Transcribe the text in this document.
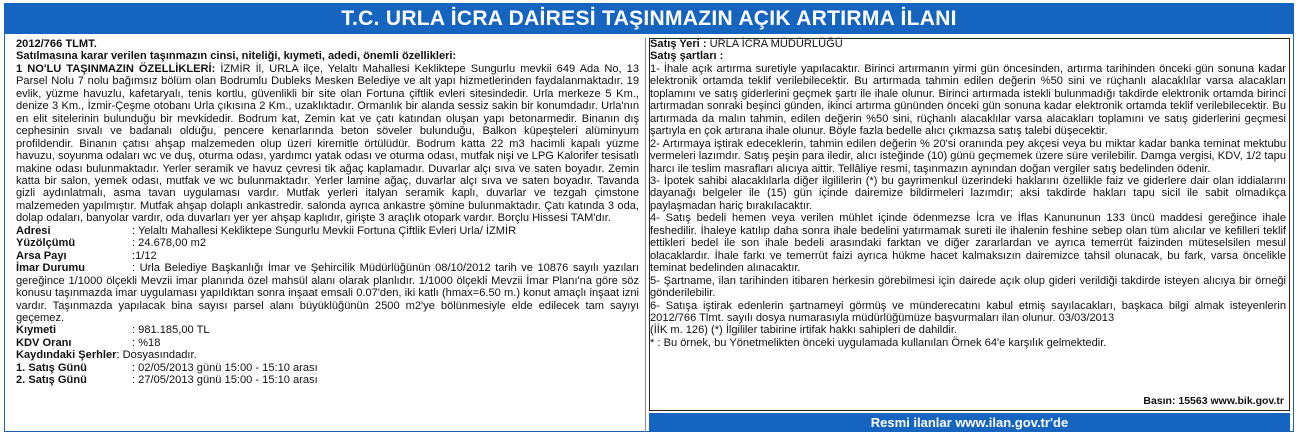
T.C. URLA İCRA DAİRESİ TAŞINMAZIN AÇIK ARTIRMA İLANI

2012/766 TLMT.

Satılmasına karar verilen taşınmazın cinsi, niteliği, kıymeti, adedi, önemli özellikleri:

1 NO'LU TAŞINMAZIN ÖZELLİKLERİ: İZMİR İl, URLA ilçe, Yelaltı Mahallesi Keklіktepe Sungurlu mevkii 649 Ada No, 13 Parsel Nolu 7 nolu bağımsız bölüm olan Bodrumlu Dubleks Mesken Belediye ve alt yapı hizmetlerinden faydalanmaktadır. 19 evlik, yüzme havuzlu, kafetaryalı, tenis kortlu, güvenlikli bir site olan Fortuna çiftlik evleri sitesindedir. Urla merkeze 5 Km., denize 3 Km., İzmir-Çeşme otobanı Urla çıkısına 2 Km., uzaklıktadır. Ormanlık bir alanda sessiz sakin bir konumdadır. Urla'nın en elit sitelerinin bulunduğu bir mevkidedir. Bodrum kat, Zemin kat ve çatı katından oluşan yapı betonarmedir. Binanın dış cephesinin sıvalı ve badanalı olduğu, pencere kenarlarında beton söveler bulunduğu, Balkon küpeşteleri alüminyum profildendir. Binanın çatısı ahşap malzemeden olup üzeri kiremitle örtülüdür. Bodrum katta 22 m3 hacimli kapalı yüzme havuzu, soyunma odaları wc ve duş, oturma odası, yardımcı yatak odası ve oturma odası, mutfak nişi ve LPG Kalorifer tesisatlı makine odası bulunmaktadır. Yerler seramik ve havuz çevresi tik ağaç kaplamadır. Duvarlar alçı sıva ve saten boyadır. Zemin katta bir salon, yemek odası, mutfak ve wc bulunmaktadır. Yerler lamine ağaç, duvarlar alçı sıva ve saten boyadır. Tavanda gizli aydınlatmalı, asma tavan uygulaması vardır. Mutfak yerleri italyan seramik kaplı, duvarlar ve tezgah çimstone malzemeden yapılmıştır. Mutfak ahşap dolaplı ankastredir. salonda ayrıca ankastre şömine bulunmaktadır. Çatı katında 3 oda, dolap odaları, banyolar vardır, oda duvarları yer yer ahşap kaplıdır, girişte 3 araçlık otopark vardır. Borçlu Hissesi TAM'dır.

Adresi	: Yelaltı Mahallesi Keklіktepe Sungurlu Mevkii Fortuna Çiftlik Evleri Urla/ İZMİR
Yüzölçümü	: 24.678,00 m2
Arsa Payı	:1/12

İmar Durumu	: Urla Belediye Başkanlığı İmar ve Şehircilik Müdürlüğünün 08/10/2012 tarih ve 10876 sayılı yazıları gereğince 1/1000 ölçekli Mevzii imar planında özel mahsül alanı olarak planlıdır. 1/1000 ölçekli Mevzii İmar Planı'na göre söz konusu taşınmazda imar uygulaması yapıldıktan sonra inşaat emsali 0.07'den, iki katlı (hmax=6.50 m.) konut amaçlı inşaat izni vardır. Taşınmazda yapılacak bina sayısı parsel alanı büyüklüğünün 2500 m2'ye bölünmesiyle elde edilecek tam sayıyı geçemez.

Kıymeti	: 981.185,00 TL
KDV Oranı	: %18
Kaydındaki Şerhler : Dosyasındadır.
1. Satış Günü	: 02/05/2013 günü 15:00 - 15:10 arası
2. Satış Günü	: 27/05/2013 günü 15:00 - 15:10 arası

Satış Yeri : URLA İCRA MÜDÜRLÜĞÜ

Satış şartları :

1- İhale açık artırma suretiyle yapılacaktır. Birinci artırmanın yirmi gün öncesinden, artırma tarihinden önceki gün sonuna kadar elektronik ortamda teklif verilebilecektir. Bu artırmada tahmin edilen değerin %50 sini ve rüçhanlı alacaklılar varsa alacakları toplamını ve satış giderlerini geçmek şartı ile ihale olunur. Birinci artırmada istekli bulunmadığı takdirde elektronik ortamda birinci artırmadan sonraki beşinci günden, ikinci artırma gününden önceki gün sonuna kadar elektronik ortamda teklif verilebilecektir. Bu artırmada da malın tahmin, edilen değerin %50 sini, rüçhanlı alacaklılar varsa alacakları toplamını ve satış giderlerini geçmesi şartıyla en çok artırana ihale olunur. Böyle fazla bedelle alıcı çıkmazsa satış talebi düşecektir.

2- Artırmaya iştirak edeceklerin, tahmin edilen değerin % 20'si oranında pey akçesi veya bu miktar kadar banka teminat mektubu vermeleri lazımdır. Satış peşin para iledir, alıcı isteğinde (10) günü geçmemek üzere süre verilebilir. Damga vergisi, KDV, 1/2 tapu harcı ile teslim masrafları alıcıya aittir. Tellâliye resmi, taşınmazın aynından doğan vergiler satış bedelinden ödenir.

3- İpotek sahibi alacaklılarla diğer ilgililerin (*) bu gayrimenkul üzerindeki haklarını özellikle faiz ve giderlere dair olan iddialarını dayanağı belgeler ile (15) gün içinde dairemize bildirmeleri lazımdır; aksi takdirde hakları tapu sicil ile sabit olmadıkça paylaşmadan hariç bırakılacaktır.

4- Satış bedeli hemen veya verilen mühlet içinde ödenmezse İcra ve İflas Kanununun 133 üncü maddesi gereğince ihale feshedilir. İhaleye katılıp daha sonra ihale bedelini yatırmamak sureti ile ihalenin feshine sebep olan tüm alıcılar ve kefilleri teklif ettikleri bedel ile son ihale bedeli arasındaki farktan ve diğer zararlardan ve ayrıca temerrüt faizinden müteselsilen mesul olacaklardır. İhale farkı ve temerrüt faizi ayrıca hükme hacet kalmaksızın dairemizce tahsil olunacak, bu fark, varsa öncelikle teminat bedelinden alınacaktır.

5- Şartname, ilan tarihinden itibaren herkesin görebilmesi için dairede açık olup gideri verildiği takdirde isteyen alıcıya bir örneği gönderilebilir.

6- Satışa iştirak edenlerin şartnameyi görmüş ve münderecatını kabul etmiş sayılacakları, başkaca bilgi almak isteyenlerin 2012/766 Tlmt. sayılı dosya numarasıyla müdürlüğümüze başvurmaları ilan olunur. 03/03/2013

(İİK m. 126) (*) İlgililer tabirine irtifak hakkı sahipleri de dahildir.

* : Bu örnek, bu Yönetmelikten önceki uygulamada kullanılan Örnek 64'e karşılık gelmektedir.

Basın: 15563 www.bik.gov.tr
Resmi ilanlar www.ilan.gov.tr'de
